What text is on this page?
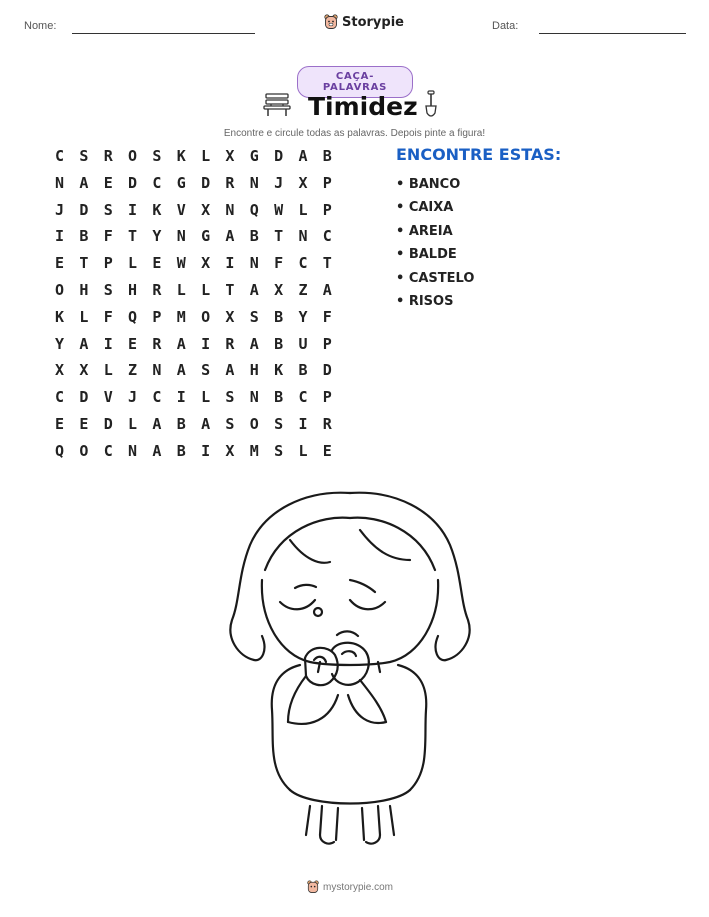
Nome:	Storypie	Data:
CAÇA-PALAVRAS
Timidez
Encontre e circule todas as palavras. Depois pinte a figura!
C	S	R	O	S	K	L	X	G	D	A	B
N	A	E	D	C	G	D	R	N	J	X	P
J	D	S	I	K	V	X	N	Q	W	L	P
I	B	F	T	Y	N	G	A	B	T	N	C
E	T	P	L	E	W	X	I	N	F	C	T
O	H	S	H	R	L	L	T	A	X	Z	A
K	L	F	Q	P	M	O	X	S	B	Y	F
Y	A	I	E	R	A	I	R	A	B	U	P
X	X	L	Z	N	A	S	A	H	K	B	D
C	D	V	J	C	I	L	S	N	B	C	P
E	E	D	L	A	B	A	S	O	S	I	R
Q	O	C	N	A	B	I	X	M	S	L	E
ENCONTRE ESTAS:
• BANCO
• CAIXA
• AREIA
• BALDE
• CASTELO
• RISOS
mystorypie.com
